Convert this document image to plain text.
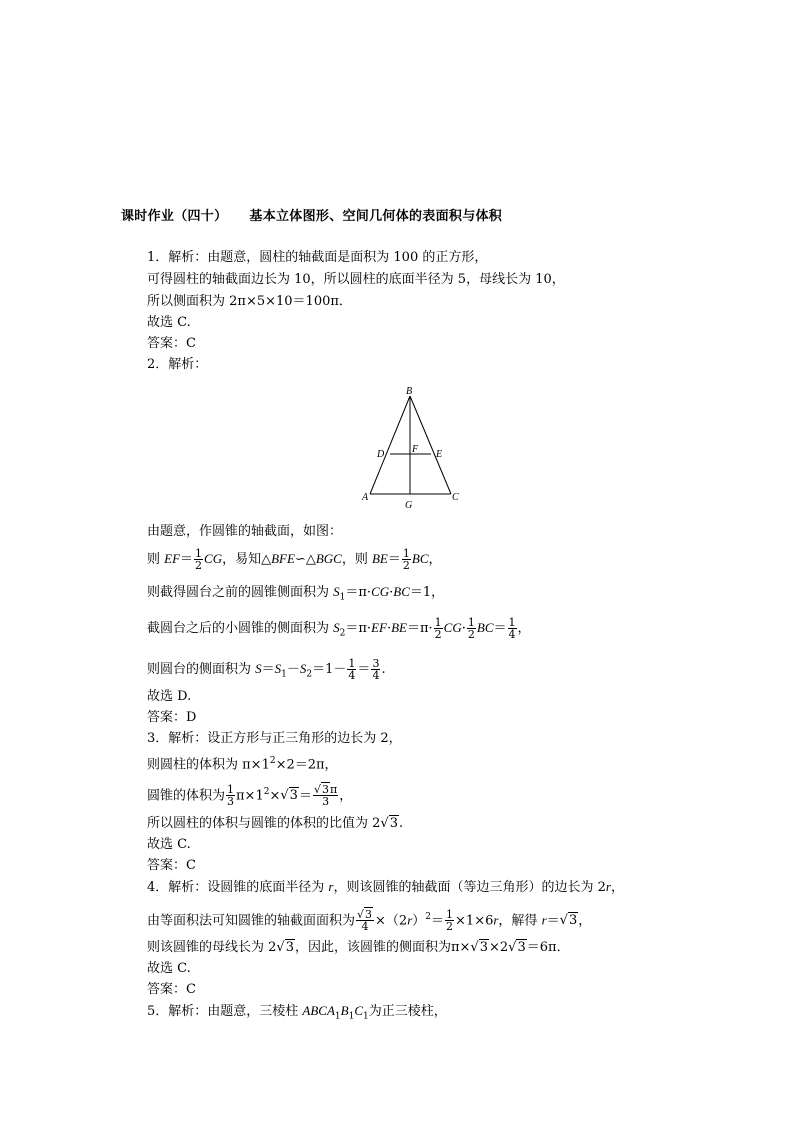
课时作业（四十） 基本立体图形、空间几何体的表面积与体积
1．解析：由题意，圆柱的轴截面是面积为 100 的正方形，
可得圆柱的轴截面边长为 10，所以圆柱的底面半径为 5，母线长为 10，
所以侧面积为 2π×5×10＝100π．
故选 C.
答案：C
2．解析：
B
D	F E
A
G
C
由题意，作圆锥的轴截面，如图：
则 $EF= \frac{1}{2}$ CG，易知△BFE∽△BGC，则 $BE= \frac{1}{2}$ BC，
则截得圆台之前的圆锥侧面积为 $S_1=\pi\cdot CG\cdot BC=1$，
截圆台之后的小圆锥的侧面积为 $S_2=\pi\cdot EF\cdot BE=\pi\cdot \frac{1}{2} CG\cdot \frac{1}{2} BC= \frac{1}{4}$ ，
则圆台的侧面积为 $S=S_1-S_2=1- \frac{1}{4} = \frac{3}{4}$ .
故选 D.
答案：D
3．解析：设正方形与正三角形的边长为 2，
则圆柱的体积为 $\pi\times 1^2\times 2=2\pi$，
圆锥的体积为 $\frac{1}{3} \pi\times 1^2\times√3= \frac{√3\pi}{3}$ ，
所以圆柱的体积与圆锥的体积的比值为 2√3.
故选 C.
答案：C
4．解析：设圆锥的底面半径为 r，则该圆锥的轴截面（等边三角形）的边长为 2r，
由等面积法可知圆锥的轴截面面积为 $\frac{√3}{4} \times(2r)^2= \frac{1}{2} \times 1\times 6r$，解得 r＝√3，
则该圆锥的母线长为 2√3，因此，该圆锥的侧面积为π×√3×2√3＝6π．
故选 C.
答案：C
5．解析：由题意，三棱柱 $ABCA_1B_1C_1$为正三棱柱，
